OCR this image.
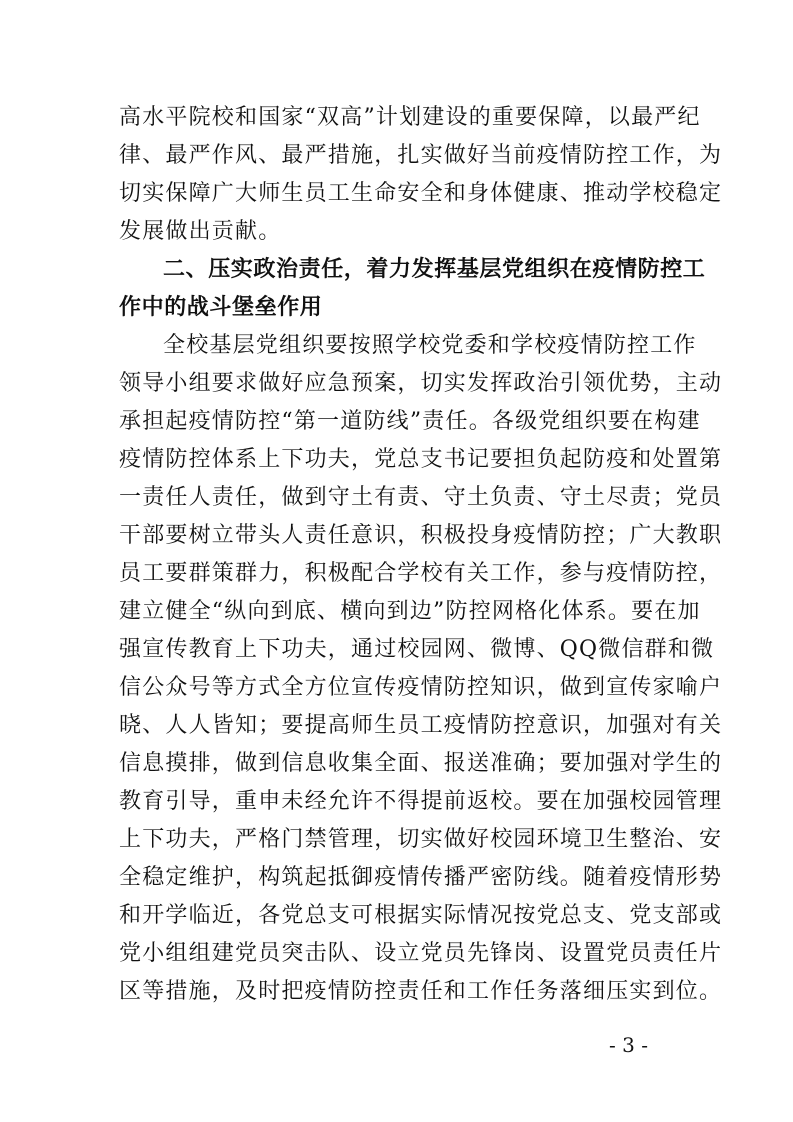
高水平院校和国家“双高”计划建设的重要保障，以最严纪
律、最严作风、最严措施，扎实做好当前疫情防控工作，为
切实保障广大师生员工生命安全和身体健康、推动学校稳定
发展做出贡献。
二、压实政治责任，着力发挥基层党组织在疫情防控工
作中的战斗堡垒作用
全校基层党组织要按照学校党委和学校疫情防控工作
领导小组要求做好应急预案，切实发挥政治引领优势，主动
承担起疫情防控“第一道防线”责任。各级党组织要在构建
疫情防控体系上下功夫，党总支书记要担负起防疫和处置第
一责任人责任，做到守土有责、守土负责、守土尽责；党员
干部要树立带头人责任意识，积极投身疫情防控；广大教职
员工要群策群力，积极配合学校有关工作，参与疫情防控，
建立健全“纵向到底、横向到边”防控网格化体系。要在加
强宣传教育上下功夫，通过校园网、微博、QQ微信群和微
信公众号等方式全方位宣传疫情防控知识，做到宣传家喻户
晓、人人皆知；要提高师生员工疫情防控意识，加强对有关
信息摸排，做到信息收集全面、报送准确；要加强对学生的
教育引导，重申未经允许不得提前返校。要在加强校园管理
上下功夫，严格门禁管理，切实做好校园环境卫生整治、安
全稳定维护，构筑起抵御疫情传播严密防线。随着疫情形势
和开学临近，各党总支可根据实际情况按党总支、党支部或
党小组组建党员突击队、设立党员先锋岗、设置党员责任片
区等措施，及时把疫情防控责任和工作任务落细压实到位。
- 3 -
